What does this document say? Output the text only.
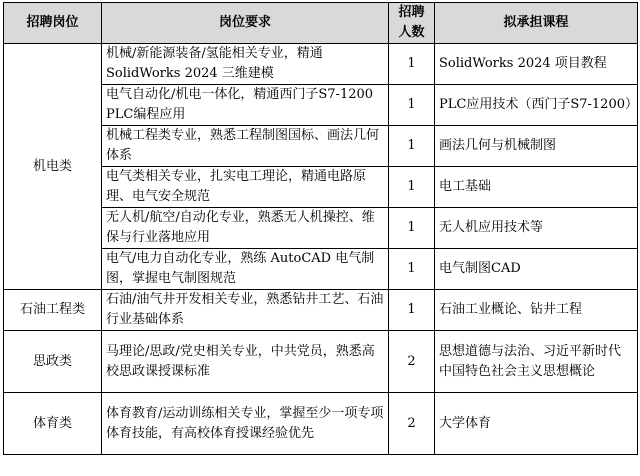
招聘岗位	岗位要求	招聘人数	拟承担课程
机电类	机械/新能源装备/氢能相关专业，精通SolidWorks 2024 三维建模	1	SolidWorks 2024 项目教程
	电气自动化/机电一体化，精通西门子S7-1200 PLC编程应用	1	PLC应用技术（西门子S7-1200）
	机械工程类专业，熟悉工程制图国标、画法几何体系	1	画法几何与机械制图
	电气类相关专业，扎实电工理论，精通电路原理、电气安全规范	1	电工基础
	无人机/航空/自动化专业，熟悉无人机操控、维保与行业落地应用	1	无人机应用技术等
	电气/电力自动化专业，熟练 AutoCAD 电气制图，掌握电气制图规范	1	电气制图CAD
石油工程类	石油/油气井开发相关专业，熟悉钻井工艺、石油行业基础体系	1	石油工业概论、钻井工程
思政类	马理论/思政/党史相关专业，中共党员，熟悉高校思政课授课标准	2	思想道德与法治、习近平新时代中国特色社会主义思想概论
体育类	体育教育/运动训练相关专业，掌握至少一项专项体育技能，有高校体育授课经验优先	2	大学体育
